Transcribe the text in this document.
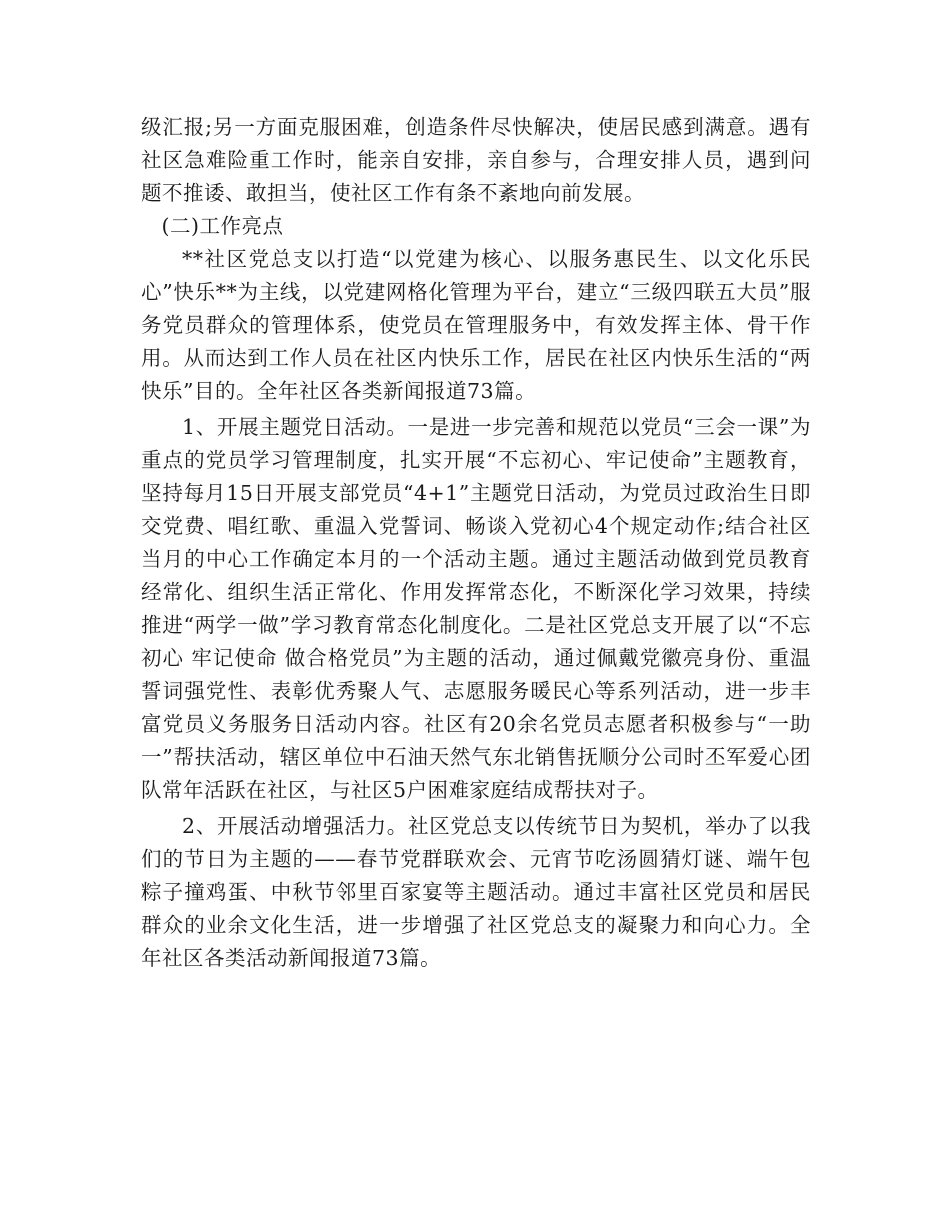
级汇报;另一方面克服困难，创造条件尽快解决，使居民感到满意。遇有社区急难险重工作时，能亲自安排，亲自参与，合理安排人员，遇到问题不推诿、敢担当，使社区工作有条不紊地向前发展。

(二)工作亮点

**社区党总支以打造“以党建为核心、以服务惠民生、以文化乐民心”快乐**为主线，以党建网格化管理为平台，建立“三级四联五大员”服务党员群众的管理体系，使党员在管理服务中，有效发挥主体、骨干作用。从而达到工作人员在社区内快乐工作，居民在社区内快乐生活的“两快乐”目的。全年社区各类新闻报道73篇。

1、开展主题党日活动。一是进一步完善和规范以党员“三会一课”为重点的党员学习管理制度，扎实开展“不忘初心、牢记使命”主题教育，坚持每月15日开展支部党员“4+1”主题党日活动，为党员过政治生日即交党费、唱红歌、重温入党誓词、畅谈入党初心4个规定动作;结合社区当月的中心工作确定本月的一个活动主题。通过主题活动做到党员教育经常化、组织生活正常化、作用发挥常态化，不断深化学习效果，持续推进“两学一做”学习教育常态化制度化。二是社区党总支开展了以“不忘初心 牢记使命 做合格党员”为主题的活动，通过佩戴党徽亮身份、重温誓词强党性、表彰优秀聚人气、志愿服务暖民心等系列活动，进一步丰富党员义务服务日活动内容。社区有20余名党员志愿者积极参与“一助一”帮扶活动，辖区单位中石油天然气东北销售抚顺分公司时丕军爱心团队常年活跃在社区，与社区5户困难家庭结成帮扶对子。

2、开展活动增强活力。社区党总支以传统节日为契机，举办了以我们的节日为主题的——春节党群联欢会、元宵节吃汤圆猜灯谜、端午包粽子撞鸡蛋、中秋节邻里百家宴等主题活动。通过丰富社区党员和居民群众的业余文化生活，进一步增强了社区党总支的凝聚力和向心力。全年社区各类活动新闻报道73篇。
